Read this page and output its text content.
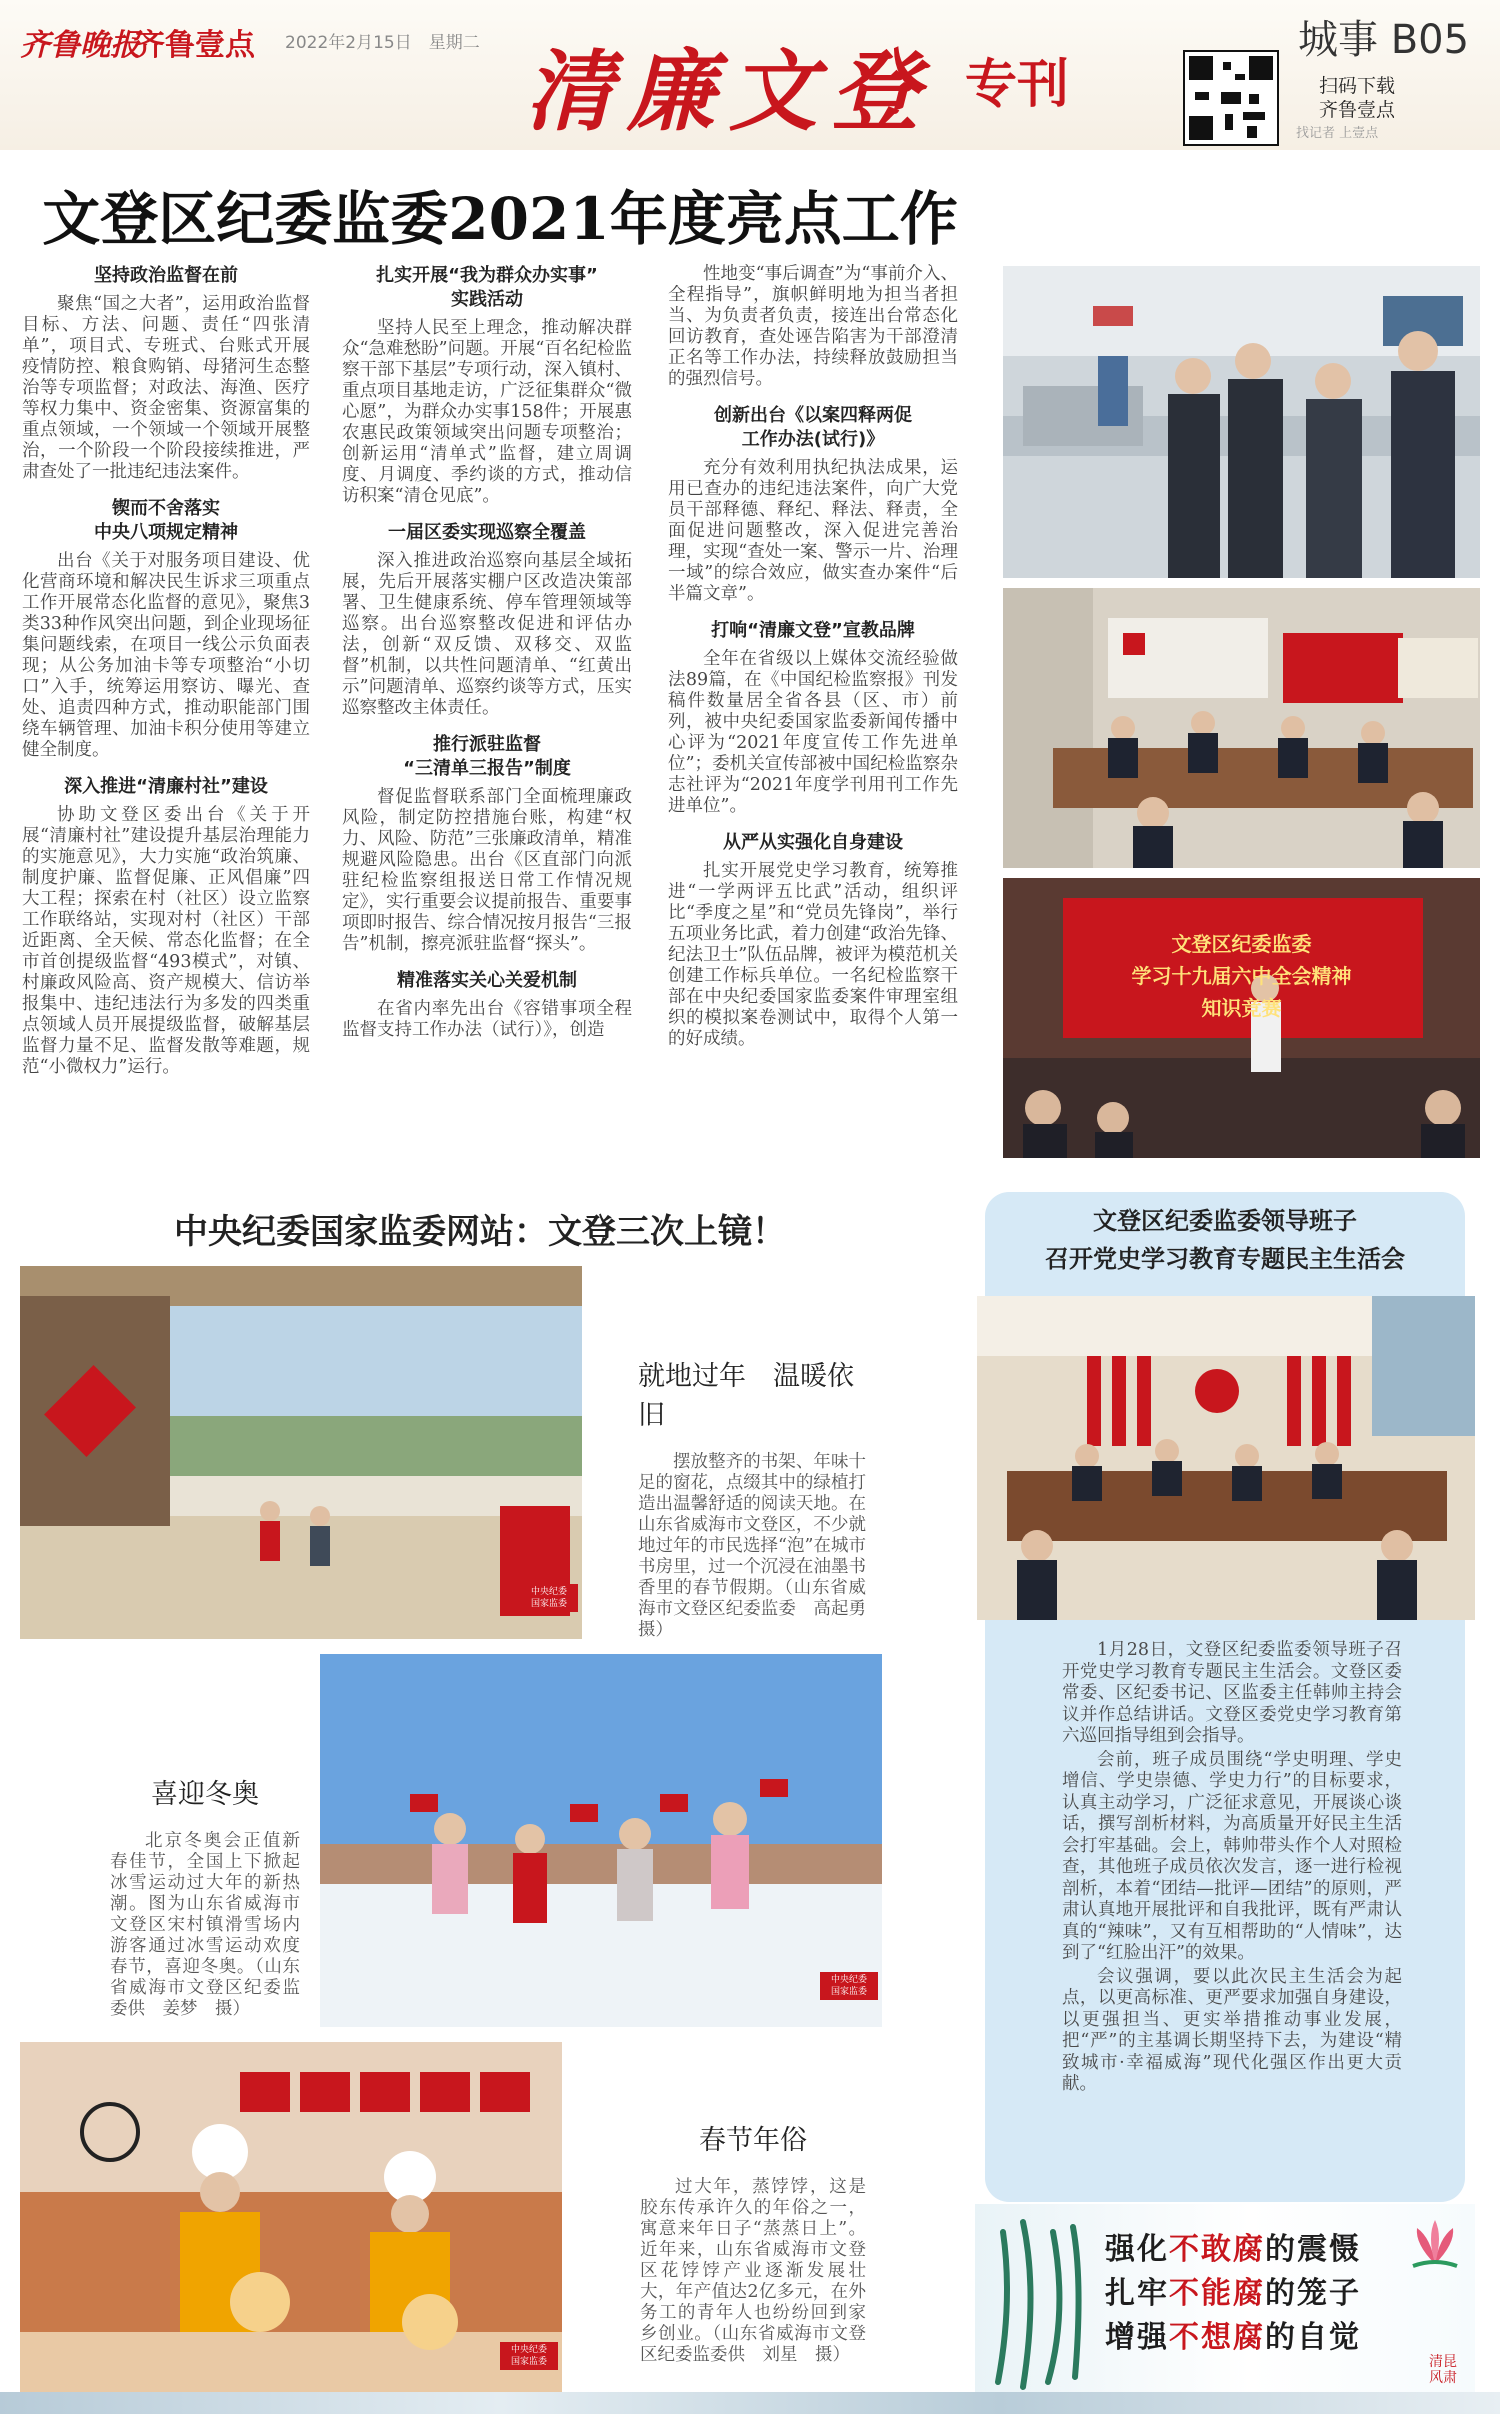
齐鲁晚报
齐鲁壹点 2022年2月15日　 星期二 清廉文登 专刊
城事 B05
扫码下载 齐鲁壹点
找记者 上壹点
文登区纪委监委2021年度亮点工作
坚持政治监督在前

聚焦“国之大者”，运用政治监督目标、方法、问题、责任“四张清单”，项目式、专班式、台账式开展疫情防控、粮食购销、母猪河生态整治等专项监督；对政法、海渔、医疗等权力集中、资金密集、资源富集的重点领域，一个领域一个领域开展整治，一个阶段一个阶段接续推进，严肃查处了一批违纪违法案件。

锲而不舍落实
中央八项规定精神

出台《关于对服务项目建设、优化营商环境和解决民生诉求三项重点工作开展常态化监督的意见》，聚焦3类33种作风突出问题，到企业现场征集问题线索，在项目一线公示负面表现；从公务加油卡等专项整治“小切口”入手，统筹运用察访、曝光、查处、追责四种方式，推动职能部门围绕车辆管理、加油卡积分使用等建立健全制度。

深入推进“清廉村社”建设

协助文登区委出台《关于开展“清廉村社”建设提升基层治理能力的实施意见》，大力实施“政治筑廉、制度护廉、监督促廉、正风倡廉”四大工程；探索在村（社区）设立监察工作联络站，实现对村（社区）干部近距离、全天候、常态化监督；在全市首创提级监督“493模式”，对镇、村廉政风险高、资产规模大、信访举报集中、违纪违法行为多发的四类重点领域人员开展提级监督，破解基层监督力量不足、监督发散等难题，规范“小微权力”运行。

扎实开展“我为群众办实事”
实践活动

坚持人民至上理念，推动解决群众“急难愁盼”问题。开展“百名纪检监察干部下基层”专项行动，深入镇村、重点项目基地走访，广泛征集群众“微心愿”，为群众办实事158件；开展惠农惠民政策领域突出问题专项整治；创新运用“清单式”监督，建立周调度、月调度、季约谈的方式，推动信访积案“清仓见底”。

一届区委实现巡察全覆盖

深入推进政治巡察向基层全域拓展，先后开展落实棚户区改造决策部署、卫生健康系统、停车管理领域等巡察。出台巡察整改促进和评估办法，创新“双反馈、双移交、双监督”机制，以共性问题清单、“红黄出示”问题清单、巡察约谈等方式，压实巡察整改主体责任。

推行派驻监督
“三清单三报告”制度

督促监督联系部门全面梳理廉政风险，制定防控措施台账，构建“权力、风险、防范”三张廉政清单，精准规避风险隐患。出台《区直部门向派驻纪检监察组报送日常工作情况规定》，实行重要会议提前报告、重要事项即时报告、综合情况按月报告“三报告”机制，擦亮派驻监督“探头”。

精准落实关心关爱机制

在省内率先出台《容错事项全程监督支持工作办法（试行）》，创造

性地变“事后调查”为“事前介入、全程指导”，旗帜鲜明地为担当者担当、为负责者负责，接连出台常态化回访教育，查处诬告陷害为干部澄清正名等工作办法，持续释放鼓励担当的强烈信号。

创新出台《以案四释两促
工作办法(试行)》

充分有效利用执纪执法成果，运用已查办的违纪违法案件，向广大党员干部释德、释纪、释法、释责，全面促进问题整改，深入促进完善治理，实现“查处一案、警示一片、治理一域”的综合效应，做实查办案件“后半篇文章”。

打响“清廉文登”宣教品牌

全年在省级以上媒体交流经验做法89篇，在《中国纪检监察报》刊发稿件数量居全省各县（区、市）前列，被中央纪委国家监委新闻传播中心评为“2021年度宣传工作先进单位”；委机关宣传部被中国纪检监察杂志社评为“2021年度学刊用刊工作先进单位”。

从严从实强化自身建设

扎实开展党史学习教育，统筹推进“一学两评五比武”活动，组织评比“季度之星”和“党员先锋岗”，举行五项业务比武，着力创建“政治先锋、纪法卫士”队伍品牌，被评为模范机关创建工作标兵单位。一名纪检监察干部在中央纪委国家监委案件审理室组织的模拟案卷测试中，取得个人第一的好成绩。

文登区纪委监委
学习十九届六中全会精神
知识竞赛
中央纪委国家监委网站：文登三次上镜！
中央纪委
国家监委
就地过年　温暖依旧

摆放整齐的书架、年味十足的窗花，点缀其中的绿植打造出温馨舒适的阅读天地。在山东省威海市文登区，不少就地过年的市民选择“泡”在城市书房里，过一个沉浸在油墨书香里的春节假期。（山东省威海市文登区纪委监委　高起勇　摄）

中央纪委
国家监委
喜迎冬奥

北京冬奥会正值新春佳节，全国上下掀起冰雪运动过大年的新热潮。图为山东省威海市文登区宋村镇滑雪场内游客通过冰雪运动欢度春节，喜迎冬奥。（山东省威海市文登区纪委监委供　姜梦　摄）

中央纪委
国家监委
春节年俗

过大年，蒸饽饽，这是胶东传承许久的年俗之一，寓意来年日子“蒸蒸日上”。近年来，山东省威海市文登区花饽饽产业逐渐发展壮大，年产值达2亿多元，在外务工的青年人也纷纷回到家乡创业。（山东省威海市文登区纪委监委供　刘星　摄）

文登区纪委监委领导班子
召开党史学习教育专题民主生活会

1月28日，文登区纪委监委领导班子召开党史学习教育专题民主生活会。文登区委常委、区纪委书记、区监委主任韩帅主持会议并作总结讲话。文登区委党史学习教育第六巡回指导组到会指导。

会前，班子成员围绕“学史明理、学史增信、学史崇德、学史力行”的目标要求，认真主动学习，广泛征求意见，开展谈心谈话，撰写剖析材料，为高质量开好民主生活会打牢基础。会上，韩帅带头作个人对照检查，其他班子成员依次发言，逐一进行检视剖析，本着“团结—批评—团结”的原则，严肃认真地开展批评和自我批评，既有严肃认真的“辣味”，又有互相帮助的“人情味”，达到了“红脸出汗”的效果。

会议强调，要以此次民主生活会为起点，以更高标准、更严要求加强自身建设，以更强担当、更实举措推动事业发展，把“严”的主基调长期坚持下去，为建设“精致城市·幸福威海”现代化强区作出更大贡献。

强化不敢腐的震慑
扎牢不能腐的笼子
增强不想腐的自觉
清昆
风肃
